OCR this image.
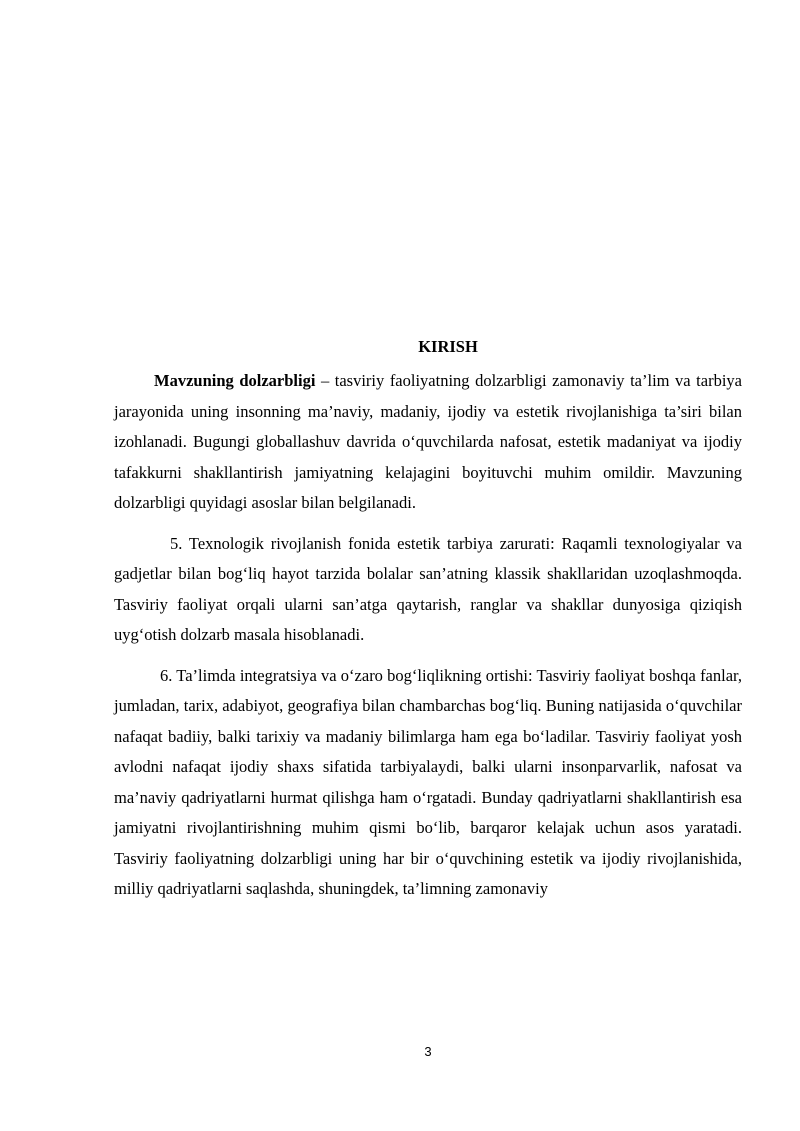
KIRISH

Mavzuning dolzarbligi – tasviriy faoliyatning dolzarbligi zamonaviy ta’lim va tarbiya jarayonida uning insonning ma’naviy, madaniy, ijodiy va estetik rivojlanishiga ta’siri bilan izohlanadi. Bugungi globallashuv davrida o‘quvchilarda nafosat, estetik madaniyat va ijodiy tafakkurni shakllantirish jamiyatning kelajagini boyituvchi muhim omildir. Mavzuning dolzarbligi quyidagi asoslar bilan belgilanadi.

5. Texnologik rivojlanish fonida estetik tarbiya zarurati: Raqamli texnologiyalar va gadjetlar bilan bog‘liq hayot tarzida bolalar san’atning klassik shakllaridan uzoqlashmoqda. Tasviriy faoliyat orqali ularni san’atga qaytarish, ranglar va shakllar dunyosiga qiziqish uyg‘otish dolzarb masala hisoblanadi.

6. Ta’limda integratsiya va o‘zaro bog‘liqlikning ortishi: Tasviriy faoliyat boshqa fanlar, jumladan, tarix, adabiyot, geografiya bilan chambarchas bog‘liq. Buning natijasida o‘quvchilar nafaqat badiiy, balki tarixiy va madaniy bilimlarga ham ega bo‘ladilar. Tasviriy faoliyat yosh avlodni nafaqat ijodiy shaxs sifatida tarbiyalaydi, balki ularni insonparvarlik, nafosat va ma’naviy qadriyatlarni hurmat qilishga ham o‘rgatadi. Bunday qadriyatlarni shakllantirish esa jamiyatni rivojlantirishning muhim qismi bo‘lib, barqaror kelajak uchun asos yaratadi. Tasviriy faoliyatning dolzarbligi uning har bir o‘quvchining estetik va ijodiy rivojlanishida, milliy qadriyatlarni saqlashda, shuningdek, ta’limning zamonaviy

3
